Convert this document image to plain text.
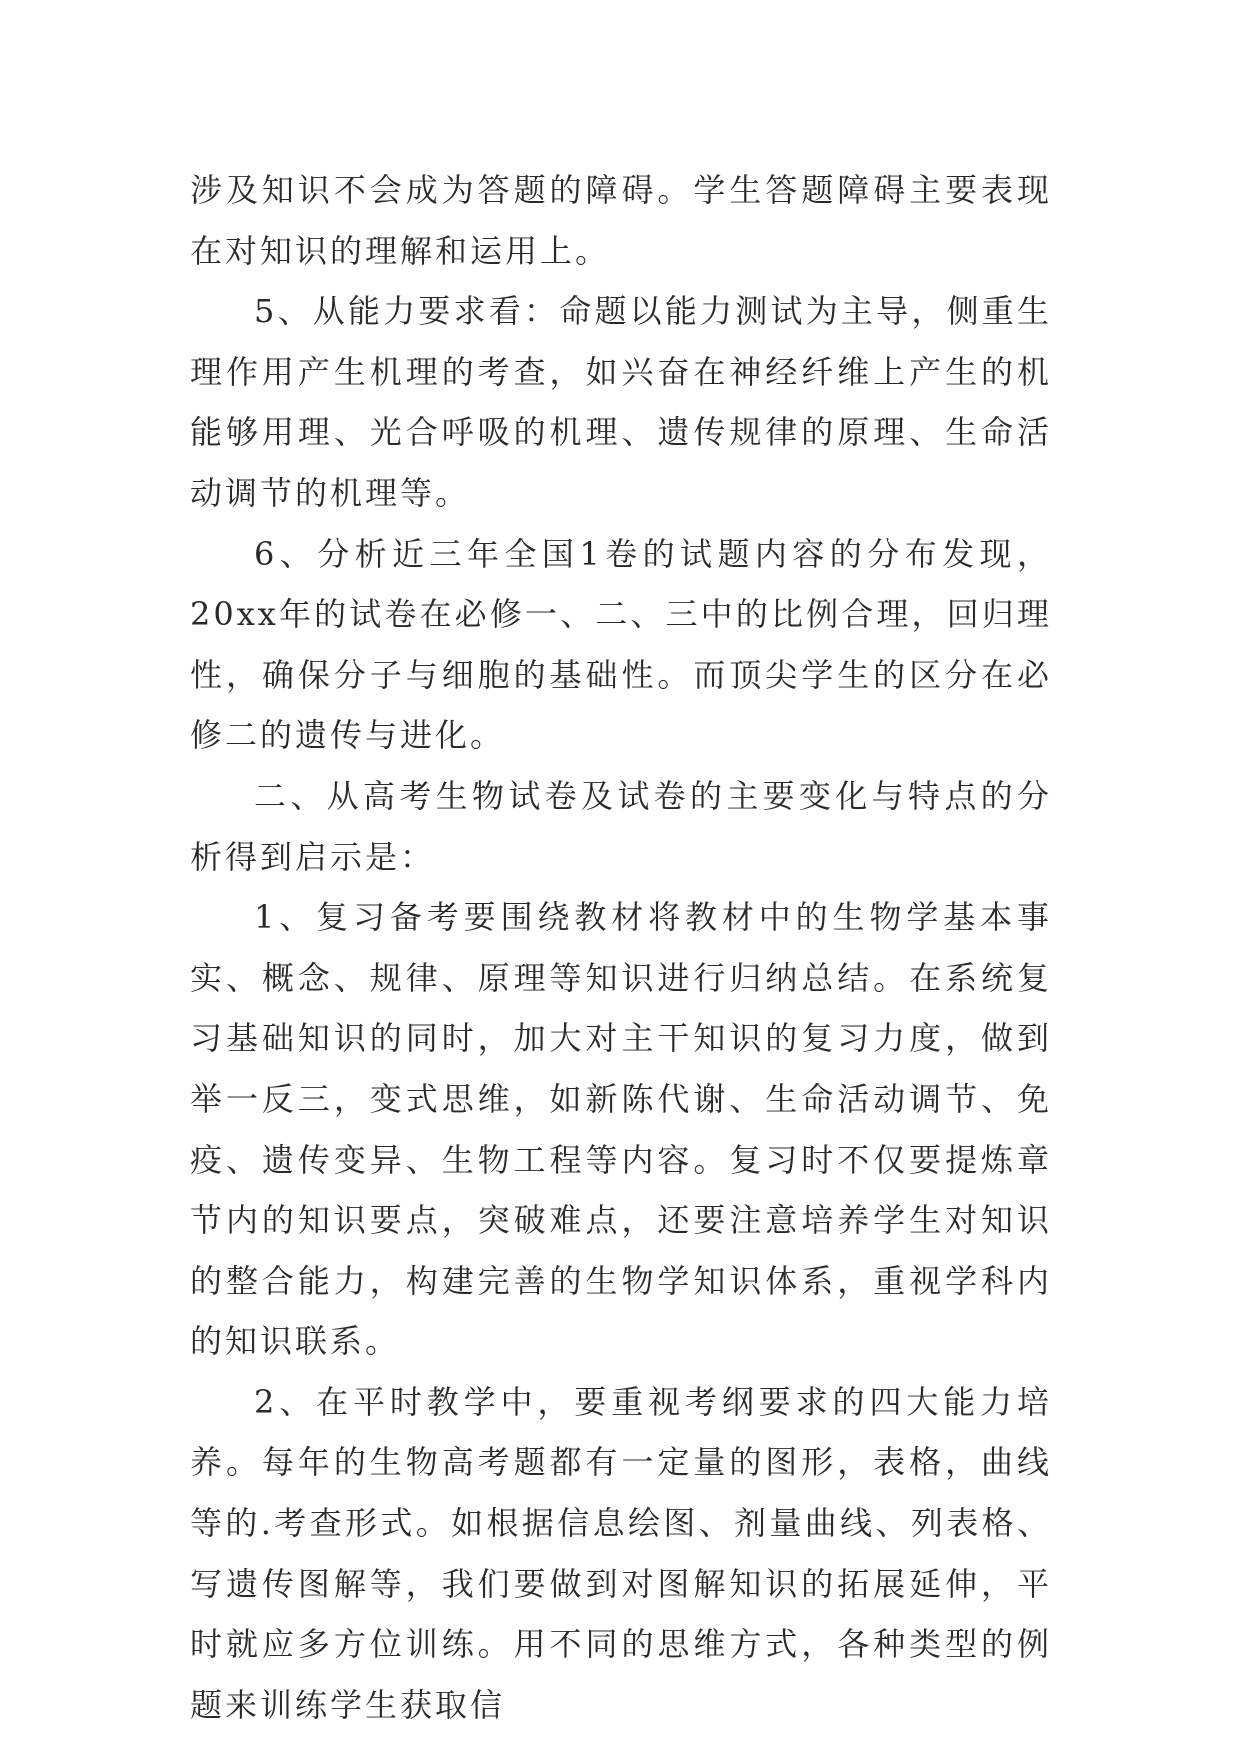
涉及知识不会成为答题的障碍。学生答题障碍主要表现在对知识的理解和运用上。

5、从能力要求看：命题以能力测试为主导，侧重生理作用产生机理的考查，如兴奋在神经纤维上产生的机能够用理、光合呼吸的机理、遗传规律的原理、生命活动调节的机理等。

6、分析近三年全国1卷的试题内容的分布发现，20xx年的试卷在必修一、二、三中的比例合理，回归理性，确保分子与细胞的基础性。而顶尖学生的区分在必修二的遗传与进化。

二、从高考生物试卷及试卷的主要变化与特点的分析得到启示是：

1、复习备考要围绕教材将教材中的生物学基本事实、概念、规律、原理等知识进行归纳总结。在系统复习基础知识的同时，加大对主干知识的复习力度，做到举一反三，变式思维，如新陈代谢、生命活动调节、免疫、遗传变异、生物工程等内容。复习时不仅要提炼章节内的知识要点，突破难点，还要注意培养学生对知识的整合能力，构建完善的生物学知识体系，重视学科内的知识联系。

2、在平时教学中，要重视考纲要求的四大能力培养。每年的生物高考题都有一定量的图形，表格，曲线等的.考查形式。如根据信息绘图、剂量曲线、列表格、写遗传图解等，我们要做到对图解知识的拓展延伸，平时就应多方位训练。用不同的思维方式，各种类型的例题来训练学生获取信
